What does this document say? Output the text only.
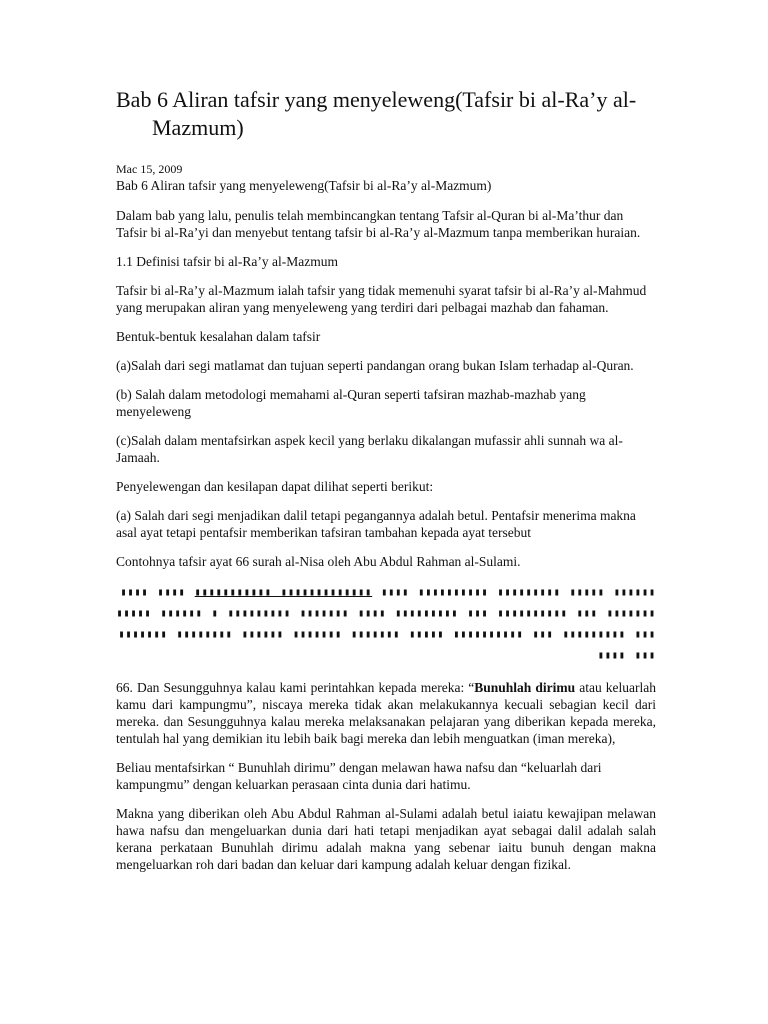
Bab 6 Aliran tafsir yang menyeleweng(Tafsir bi al-Ra’y al-Mazmum)
Mac 15, 2009

Bab 6 Aliran tafsir yang menyeleweng(Tafsir bi al-Ra’y al-Mazmum)

Dalam bab yang lalu, penulis telah membincangkan tentang Tafsir al-Quran bi al-Ma’thur dan Tafsir bi al-Ra’yi dan menyebut tentang tafsir bi al-Ra’y al-Mazmum tanpa memberikan huraian.

1.1 Definisi tafsir bi al-Ra’y al-Mazmum

Tafsir bi al-Ra’y al-Mazmum ialah tafsir yang tidak memenuhi syarat tafsir bi al-Ra’y al-Mahmud yang merupakan aliran yang menyeleweng yang terdiri dari pelbagai mazhab dan fahaman.

Bentuk-bentuk kesalahan dalam tafsir

(a)Salah dari segi matlamat dan tujuan seperti pandangan orang bukan Islam terhadap al-Quran.

(b) Salah dalam metodologi memahami al-Quran seperti tafsiran mazhab-mazhab yang menyeleweng

(c)Salah dalam mentafsirkan aspek kecil yang berlaku dikalangan mufassir ahli sunnah wa al-Jamaah.

Penyelewengan dan kesilapan dapat dilihat seperti berikut:

(a) Salah dari segi menjadikan dalil tetapi pegangannya adalah betul. Pentafsir menerima makna asal ayat tetapi pentafsir memberikan tafsiran tambahan kepada ayat tersebut

Contohnya tafsir ayat 66 surah al-Nisa oleh Abu Abdul Rahman al-Sulami.

▮▮▮▮▮▮ ▮▮▮▮▮ ▮▮▮▮▮▮▮▮▮ ▮▮▮▮▮▮▮▮▮▮ ▮▮▮▮ ▮▮▮▮▮▮▮▮▮▮▮▮▮ ▮▮▮▮▮▮▮▮▮▮▮ ▮▮▮▮ ▮▮▮▮▮▮▮▮▮▮▮ ▮▮▮ ▮▮▮▮▮▮▮▮▮▮ ▮▮▮ ▮▮▮▮▮▮▮▮▮ ▮▮▮▮ ▮▮▮▮▮▮▮ ▮▮▮▮▮▮▮▮▮ ▮ ▮▮▮▮▮▮ ▮▮▮▮▮▮▮▮ ▮▮▮▮▮▮▮▮▮ ▮▮▮ ▮▮▮▮▮▮▮▮▮▮ ▮▮▮▮▮ ▮▮▮▮▮▮▮ ▮▮▮▮▮▮▮ ▮▮▮▮▮▮ ▮▮▮▮▮▮▮▮ ▮▮▮▮▮▮▮▮▮▮ ▮▮▮▮

66. Dan Sesungguhnya kalau kami perintahkan kepada mereka: “Bunuhlah dirimu atau keluarlah kamu dari kampungmu”, niscaya mereka tidak akan melakukannya kecuali sebagian kecil dari mereka. dan Sesungguhnya kalau mereka melaksanakan pelajaran yang diberikan kepada mereka, tentulah hal yang demikian itu lebih baik bagi mereka dan lebih menguatkan (iman mereka),

Beliau mentafsirkan “ Bunuhlah dirimu” dengan melawan hawa nafsu dan “keluarlah dari kampungmu” dengan keluarkan perasaan cinta dunia dari hatimu.

Makna yang diberikan oleh Abu Abdul Rahman al-Sulami adalah betul iaiatu kewajipan melawan hawa nafsu dan mengeluarkan dunia dari hati tetapi menjadikan ayat sebagai dalil adalah salah kerana perkataan Bunuhlah dirimu adalah makna yang sebenar iaitu bunuh dengan makna mengeluarkan roh dari badan dan keluar dari kampung adalah keluar dengan fizikal.
